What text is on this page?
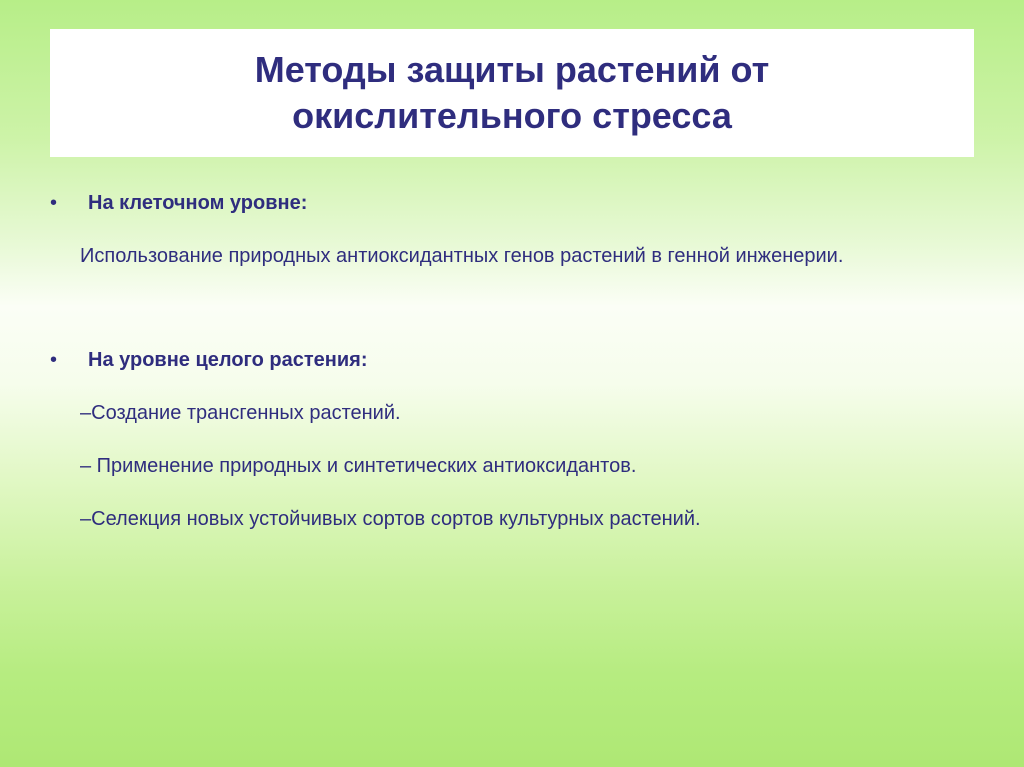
Методы защиты растений от
окислительного стресса
•	На клеточном уровне:
Использование природных антиоксидантных генов растений в генной инженерии.
•	На уровне целого растения:
–Создание трансгенных растений.
– Применение природных и синтетических антиоксидантов.
–Селекция новых устойчивых сортов сортов культурных растений.
